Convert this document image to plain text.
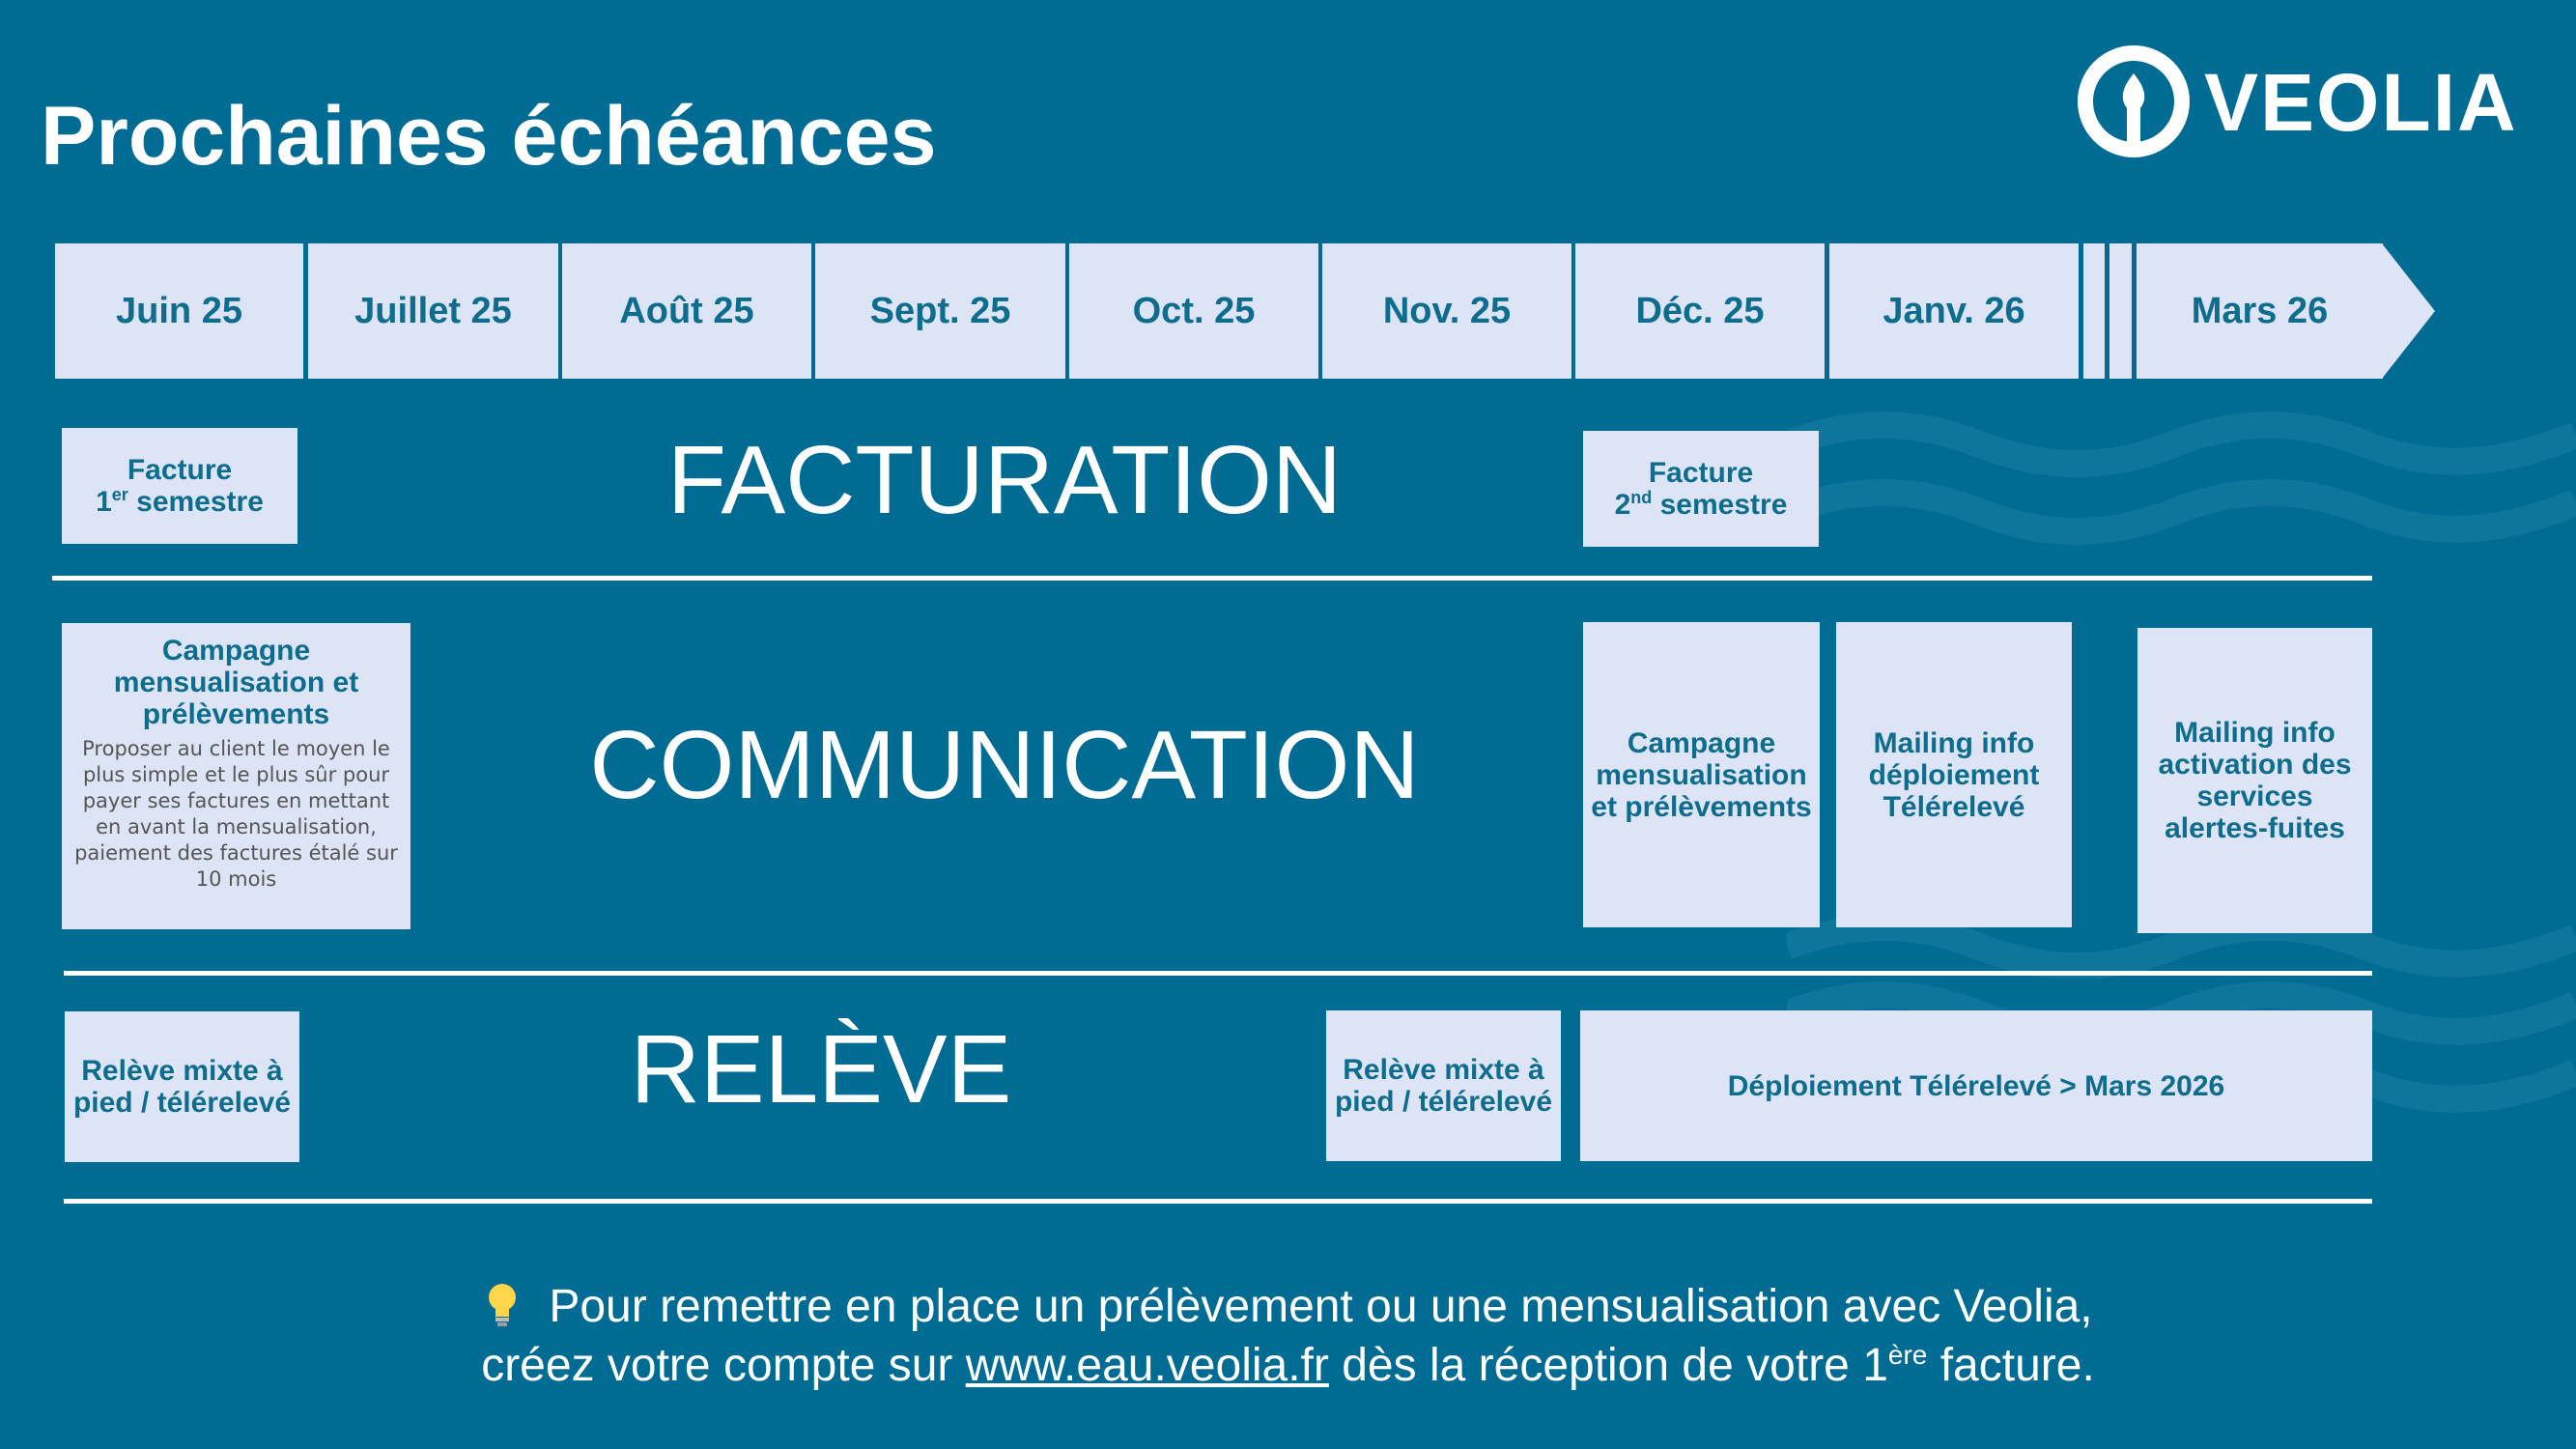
Prochaines échéances	VEOLIA
Juin 25	Juillet 25	Août 25	Sept. 25	Oct. 25	Nov. 25	Déc. 25	Janv. 26	Mars 26
FACTURATION
Facture
1er semestre
Facture
2nd semestre
COMMUNICATION
Campagne mensualisation et prélèvements
Proposer au client le moyen le plus simple et le plus sûr pour payer ses factures en mettant en avant la mensualisation, paiement des factures étalé sur 10 mois
Campagne mensualisation et prélèvements
Mailing info déploiement Télérelevé
Mailing info activation des services alertes-fuites
RELÈVE
Relève mixte à pied / télérelevé
Relève mixte à pied / télérelevé	Déploiement Télérelevé > Mars 2026
Pour remettre en place un prélèvement ou une mensualisation avec Veolia,
créez votre compte sur www.eau.veolia.fr dès la réception de votre 1ère facture.
